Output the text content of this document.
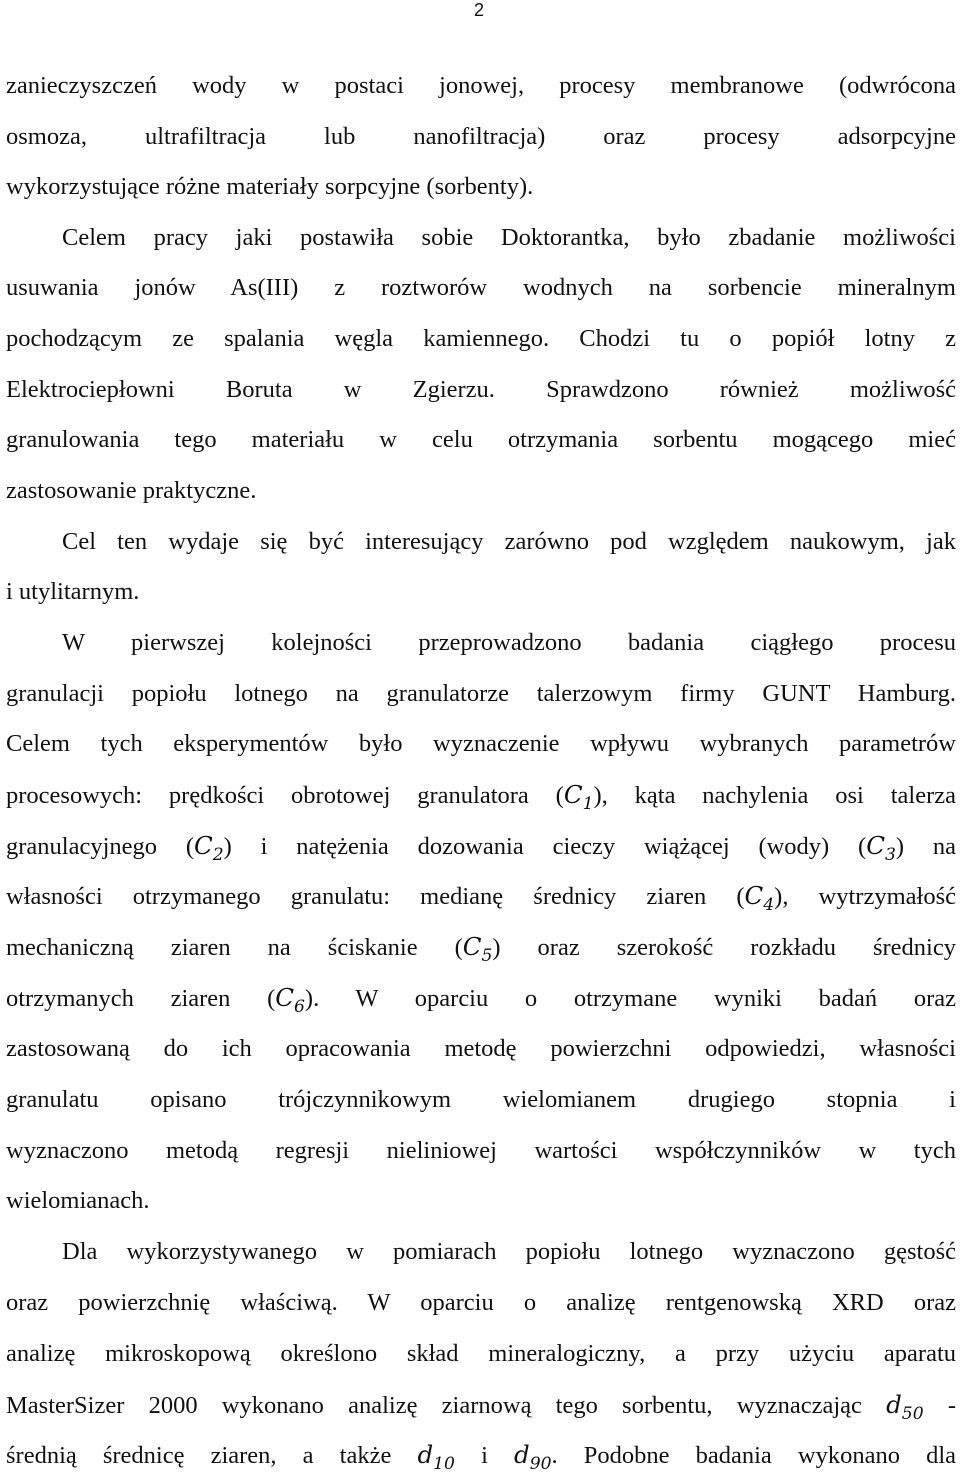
2
zanieczyszczeń wody w postaci jonowej, procesy membranowe (odwrócona
osmoza, ultrafiltracja lub nanofiltracja) oraz procesy adsorpcyjne
wykorzystujące różne materiały sorpcyjne (sorbenty).
Celem pracy jaki postawiła sobie Doktorantka, było zbadanie możliwości
usuwania jonów As(III) z roztworów wodnych na sorbencie mineralnym
pochodzącym ze spalania węgla kamiennego. Chodzi tu o popiół lotny z
Elektrociepłowni Boruta w Zgierzu. Sprawdzono również możliwość
granulowania tego materiału w celu otrzymania sorbentu mogącego mieć
zastosowanie praktyczne.
Cel ten wydaje się być interesujący zarówno pod względem naukowym, jak
i utylitarnym.
W pierwszej kolejności przeprowadzono badania ciągłego procesu
granulacji popiołu lotnego na granulatorze talerzowym firmy GUNT Hamburg.
Celem tych eksperymentów było wyznaczenie wpływu wybranych parametrów
procesowych: prędkości obrotowej granulatora $(C_1)$, kąta nachylenia osi talerza
granulacyjnego $(C_2)$ i natężenia dozowania cieczy wiążącej (wody) $(C_3)$ na
własności otrzymanego granulatu: medianę średnicy ziaren $(C_4)$, wytrzymałość
mechaniczną ziaren na ściskanie $(C_5)$ oraz szerokość rozkładu średnicy
otrzymanych ziaren $(C_6)$. W oparciu o otrzymane wyniki badań oraz
zastosowaną do ich opracowania metodę powierzchni odpowiedzi, własności
granulatu opisano trójczynnikowym wielomianem drugiego stopnia i
wyznaczono metodą regresji nieliniowej wartości współczynników w tych
wielomianach.
Dla wykorzystywanego w pomiarach popiołu lotnego wyznaczono gęstość
oraz powierzchnię właściwą. W oparciu o analizę rentgenowską XRD oraz
analizę mikroskopową określono skład mineralogiczny, a przy użyciu aparatu
MasterSizer 2000 wykonano analizę ziarnową tego sorbentu, wyznaczając $d_{50}$ -
średnią średnicę ziaren, a także $d_{10}$ i $d_{90}$. Podobne badania wykonano dla
